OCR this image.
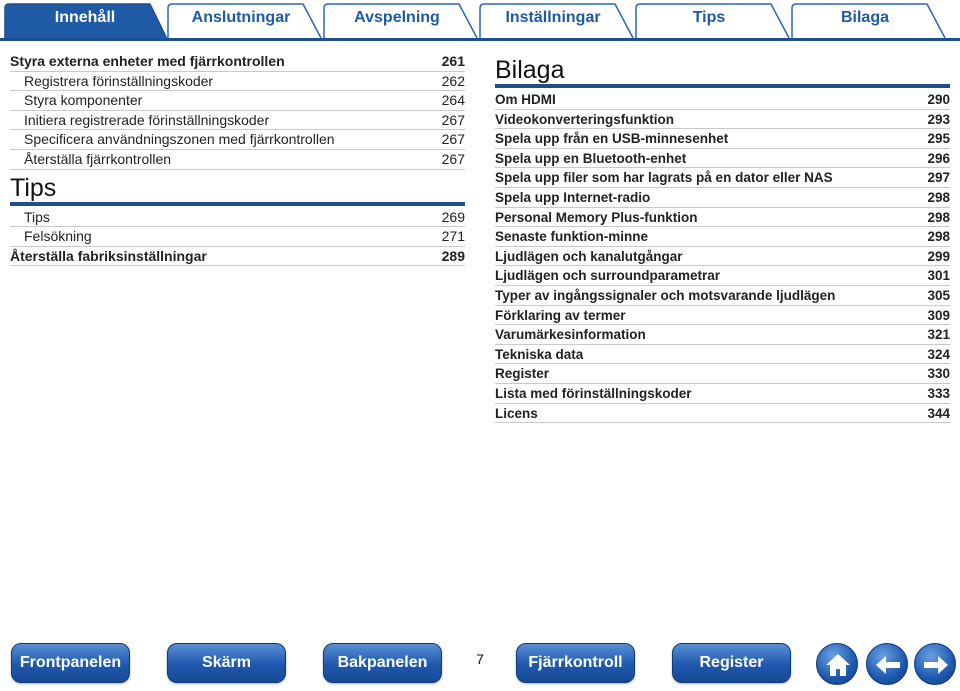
Innehåll	Anslutningar	Avspelning	Inställningar	Tips	Bilaga
Styra externa enheter med fjärrkontrollen	261
Registrera förinställningskoder	262
Styra komponenter	264
Initiera registrerade förinställningskoder	267
Specificera användningszonen med fjärrkontrollen	267
Återställa fjärrkontrollen	267
Tips
Tips	269
Felsökning	271
Återställa fabriksinställningar	289
Bilaga
Om HDMI	290
Videokonverteringsfunktion	293
Spela upp från en USB-minnesenhet	295
Spela upp en Bluetooth-enhet	296
Spela upp filer som har lagrats på en dator eller NAS	297
Spela upp Internet-radio	298
Personal Memory Plus-funktion	298
Senaste funktion-minne	298
Ljudlägen och kanalutgångar	299
Ljudlägen och surroundparametrar	301
Typer av ingångssignaler och motsvarande ljudlägen	305
Förklaring av termer	309
Varumärkesinformation	321
Tekniska data	324
Register	330
Lista med förinställningskoder	333
Licens	344
Frontpanelen	Skärm	Bakpanelen	7	Fjärrkontroll	Register
